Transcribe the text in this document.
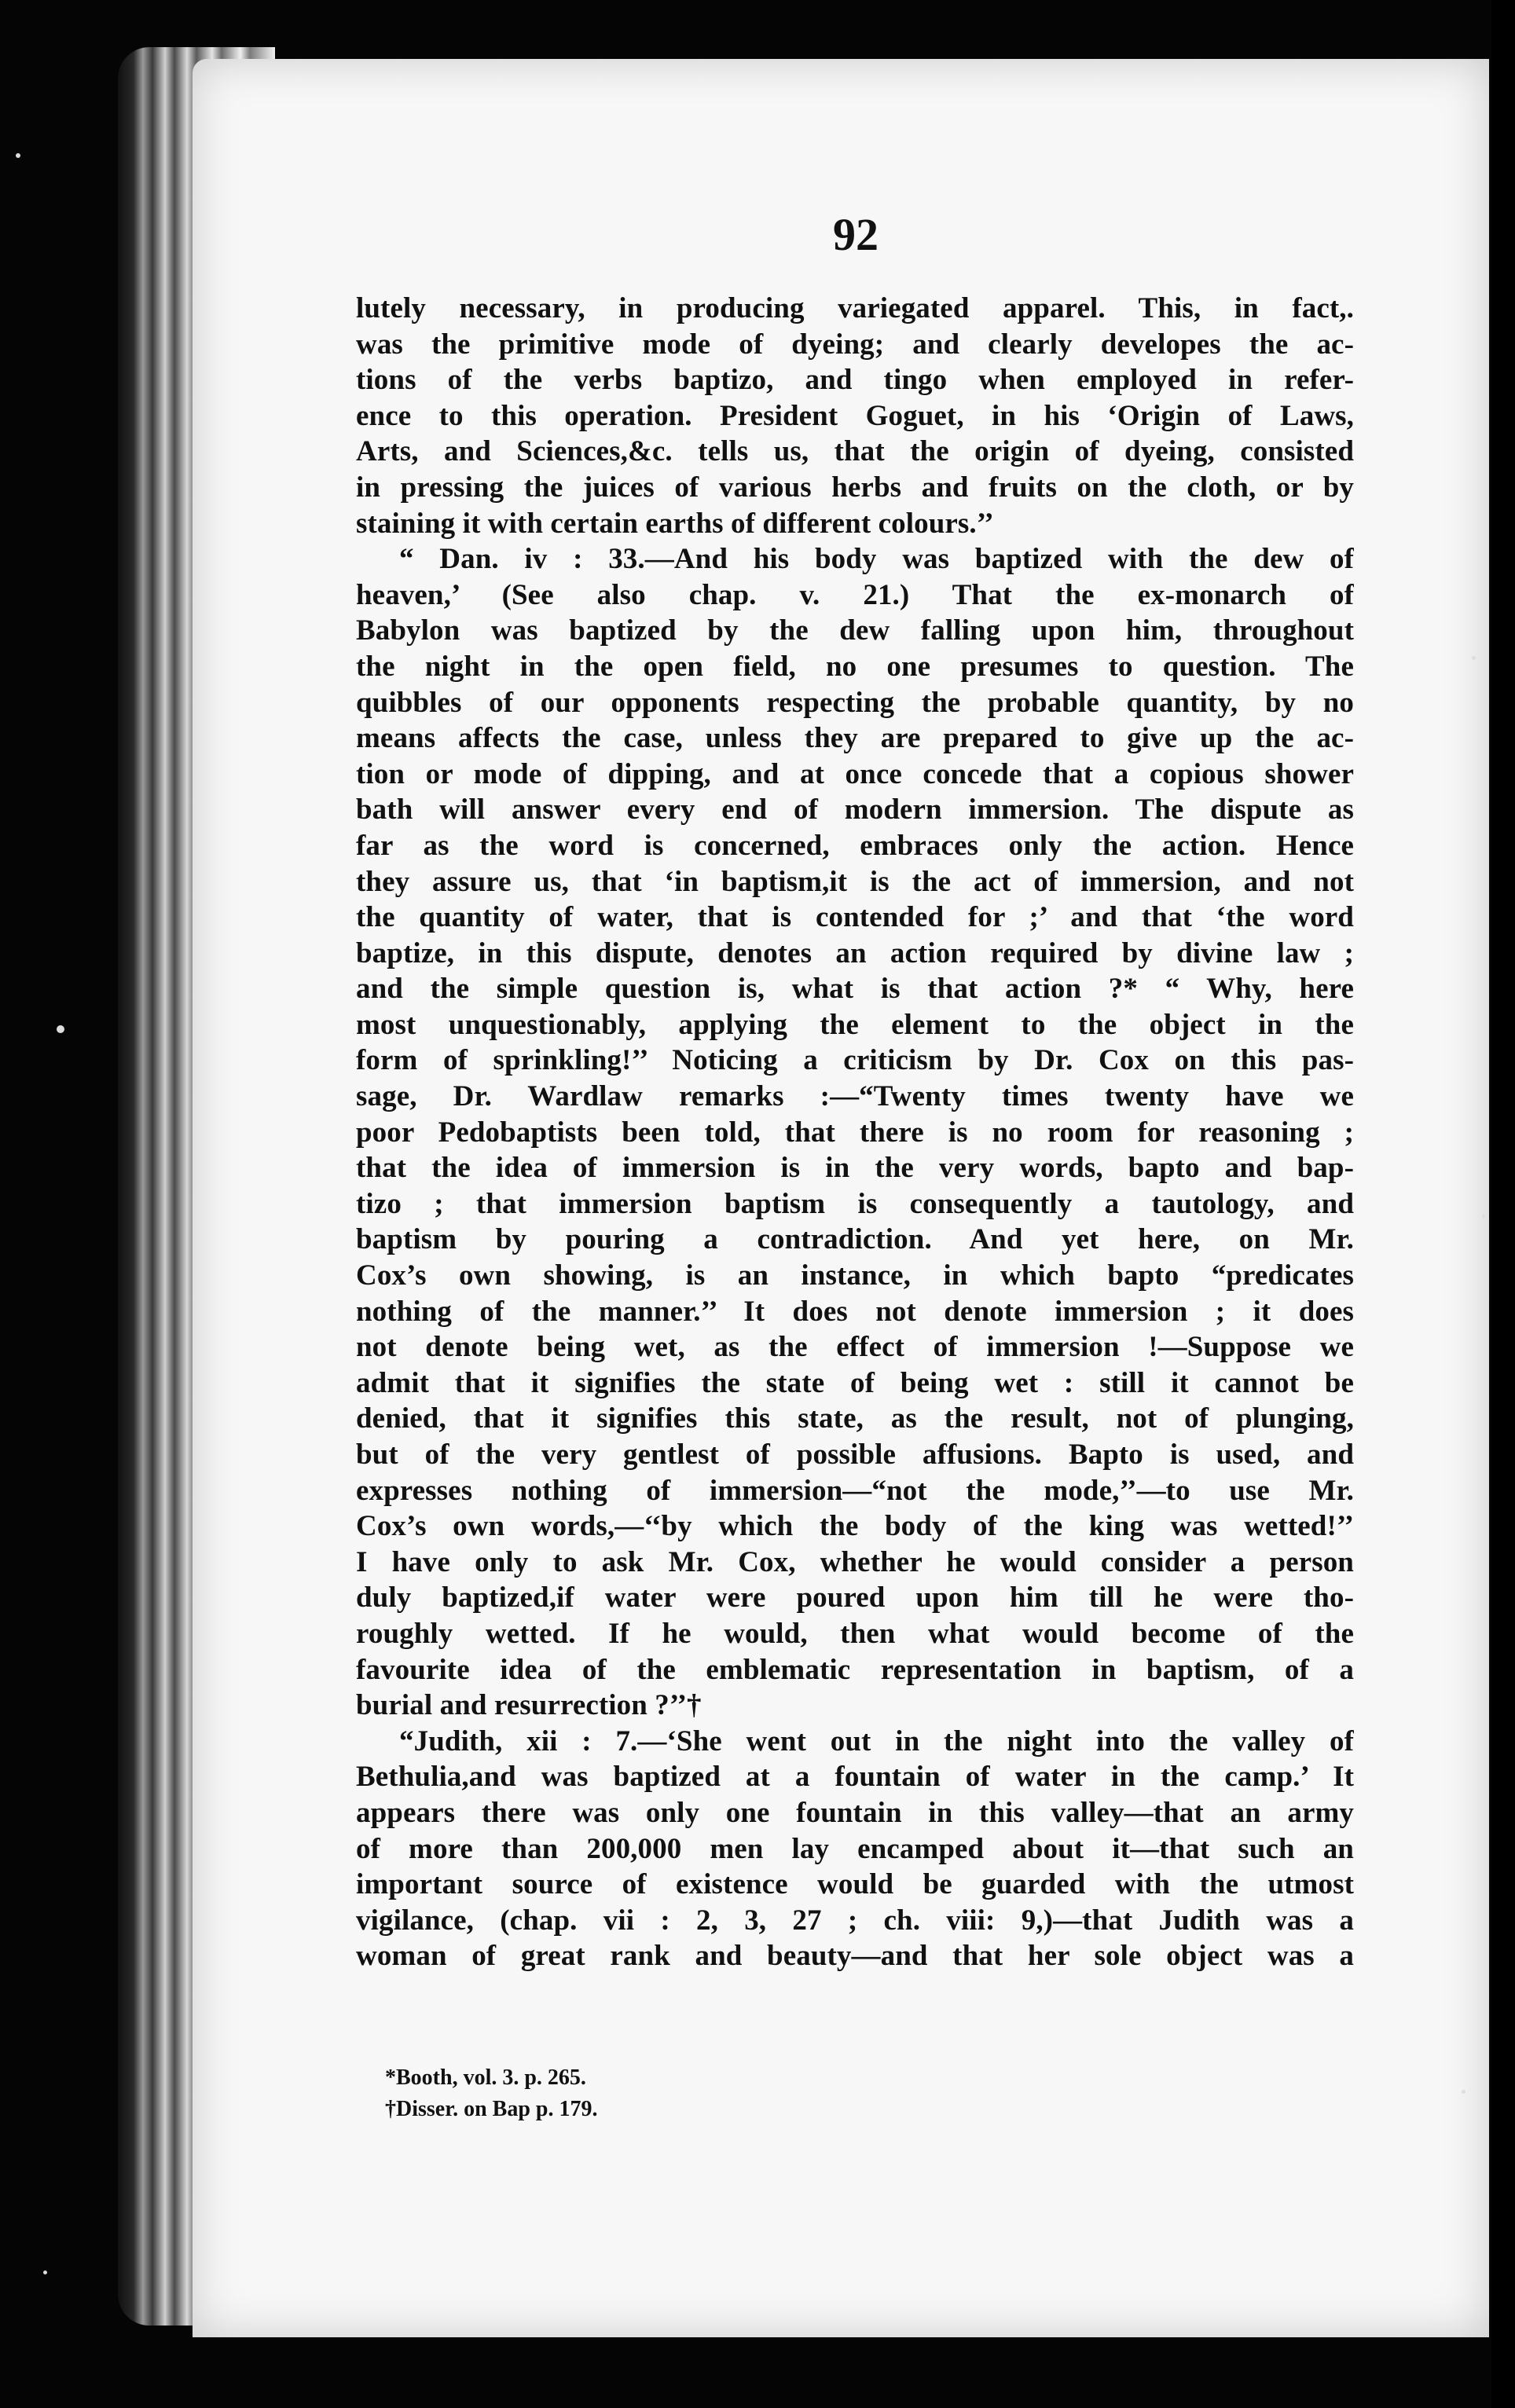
92
lutely necessary, in producing variegated apparel. This, in fact,.
was the primitive mode of dyeing; and clearly developes the ac-
tions of the verbs baptizo, and tingo when employed in refer-
ence to this operation. President Goguet, in his ‘Origin of Laws,
Arts, and Sciences,&c. tells us, that the origin of dyeing, consisted
in pressing the juices of various herbs and fruits on the cloth, or by
staining it with certain earths of different colours.’’
“ Dan. iv : 33.—And his body was baptized with the dew of
heaven,’ (See also chap. v. 21.) That the ex-monarch of
Babylon was baptized by the dew falling upon him, throughout
the night in the open field, no one presumes to question. The
quibbles of our opponents respecting the probable quantity, by no
means affects the case, unless they are prepared to give up the ac-
tion or mode of dipping, and at once concede that a copious shower
bath will answer every end of modern immersion. The dispute as
far as the word is concerned, embraces only the action. Hence
they assure us, that ‘in baptism,it is the act of immersion, and not
the quantity of water, that is contended for ;’ and that ‘the word
baptize, in this dispute, denotes an action required by divine law ;
and the simple question is, what is that action ?* “ Why, here
most unquestionably, applying the element to the object in the
form of sprinkling!’’ Noticing a criticism by Dr. Cox on this pas-
sage, Dr. Wardlaw remarks :—“Twenty times twenty have we
poor Pedobaptists been told, that there is no room for reasoning ;
that the idea of immersion is in the very words, bapto and bap-
tizo ; that immersion baptism is consequently a tautology, and
baptism by pouring a contradiction. And yet here, on Mr.
Cox’s own showing, is an instance, in which bapto “predicates
nothing of the manner.’’ It does not denote immersion ; it does
not denote being wet, as the effect of immersion !—Suppose we
admit that it signifies the state of being wet : still it cannot be
denied, that it signifies this state, as the result, not of plunging,
but of the very gentlest of possible affusions. Bapto is used, and
expresses nothing of immersion—“not the mode,’’—to use Mr.
Cox’s own words,—‘‘by which the body of the king was wetted!’’
I have only to ask Mr. Cox, whether he would consider a person
duly baptized,if water were poured upon him till he were tho-
roughly wetted. If he would, then what would become of the
favourite idea of the emblematic representation in baptism, of a
burial and resurrection ?’’†
“Judith, xii : 7.—‘She went out in the night into the valley of
Bethulia,and was baptized at a fountain of water in the camp.’ It
appears there was only one fountain in this valley—that an army
of more than 200,000 men lay encamped about it—that such an
important source of existence would be guarded with the utmost
vigilance, (chap. vii : 2, 3, 27 ; ch. viii: 9,)—that Judith was a
woman of great rank and beauty—and that her sole object was a
*Booth, vol. 3. p. 265.
†Disser. on Bap p. 179.
